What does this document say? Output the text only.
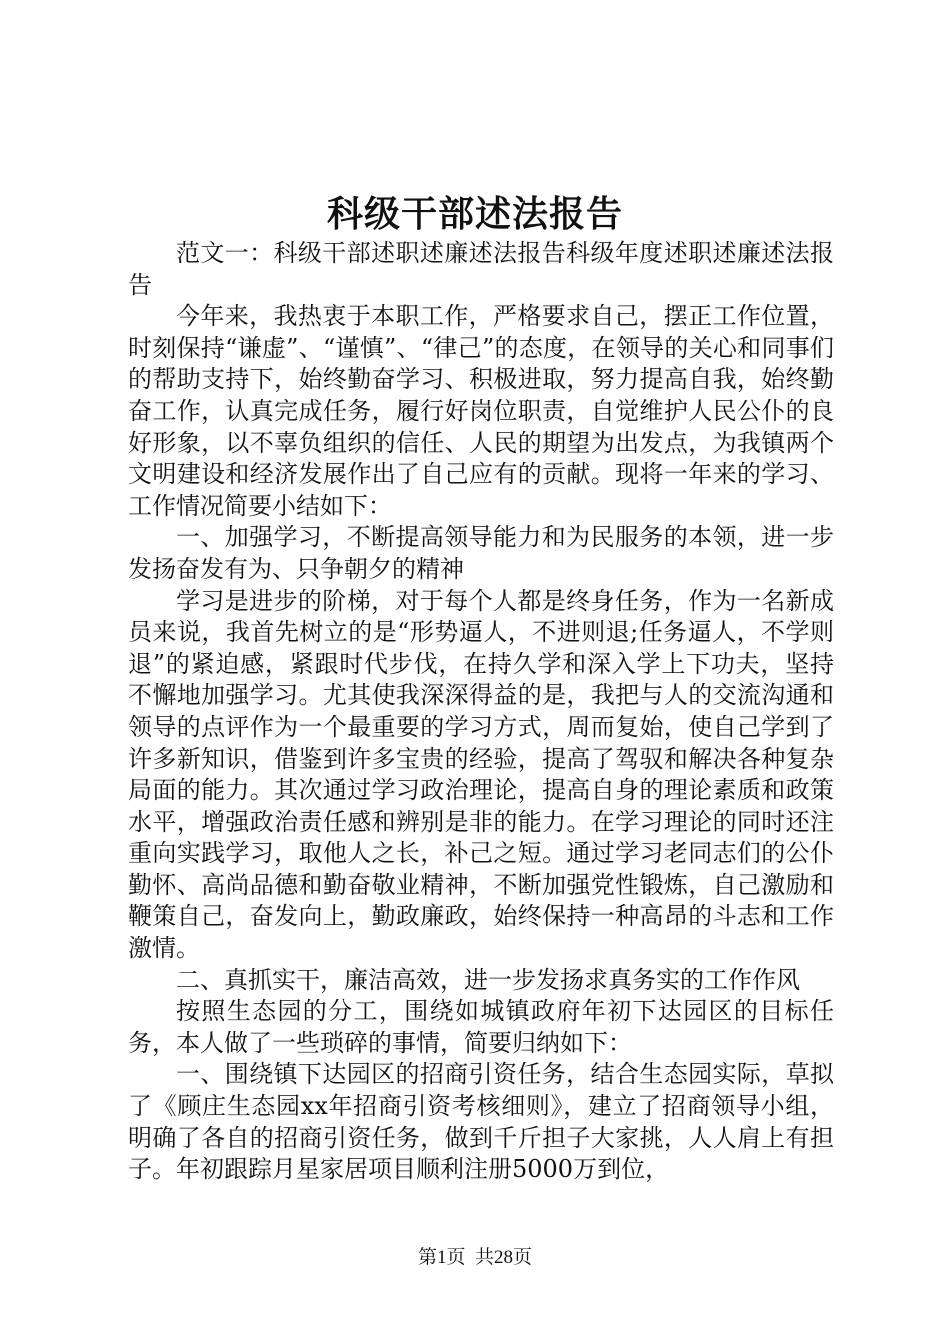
科级干部述法报告

范文一：科级干部述职述廉述法报告科级年度述职述廉述法报告

今年来，我热衷于本职工作，严格要求自己，摆正工作位置，时刻保持“谦虚”、“谨慎”、“律己”的态度，在领导的关心和同事们的帮助支持下，始终勤奋学习、积极进取，努力提高自我，始终勤奋工作，认真完成任务，履行好岗位职责，自觉维护人民公仆的良好形象，以不辜负组织的信任、人民的期望为出发点，为我镇两个文明建设和经济发展作出了自己应有的贡献。现将一年来的学习、工作情况简要小结如下：

一、加强学习，不断提高领导能力和为民服务的本领，进一步发扬奋发有为、只争朝夕的精神

学习是进步的阶梯，对于每个人都是终身任务，作为一名新成员来说，我首先树立的是“形势逼人，不进则退;任务逼人，不学则退”的紧迫感，紧跟时代步伐，在持久学和深入学上下功夫，坚持不懈地加强学习。尤其使我深深得益的是，我把与人的交流沟通和领导的点评作为一个最重要的学习方式，周而复始，使自己学到了许多新知识，借鉴到许多宝贵的经验，提高了驾驭和解决各种复杂局面的能力。其次通过学习政治理论，提高自身的理论素质和政策水平，增强政治责任感和辨别是非的能力。在学习理论的同时还注重向实践学习，取他人之长，补己之短。通过学习老同志们的公仆勤怀、高尚品德和勤奋敬业精神，不断加强党性锻炼，自己激励和鞭策自己，奋发向上，勤政廉政，始终保持一种高昂的斗志和工作激情。

二、真抓实干，廉洁高效，进一步发扬求真务实的工作作风

按照生态园的分工，围绕如城镇政府年初下达园区的目标任务，本人做了一些琐碎的事情，简要归纳如下：

一、围绕镇下达园区的招商引资任务，结合生态园实际，草拟了《顾庄生态园xx年招商引资考核细则》，建立了招商领导小组，明确了各自的招商引资任务，做到千斤担子大家挑，人人肩上有担子。年初跟踪月星家居项目顺利注册5000万到位，

第1页  共28页
